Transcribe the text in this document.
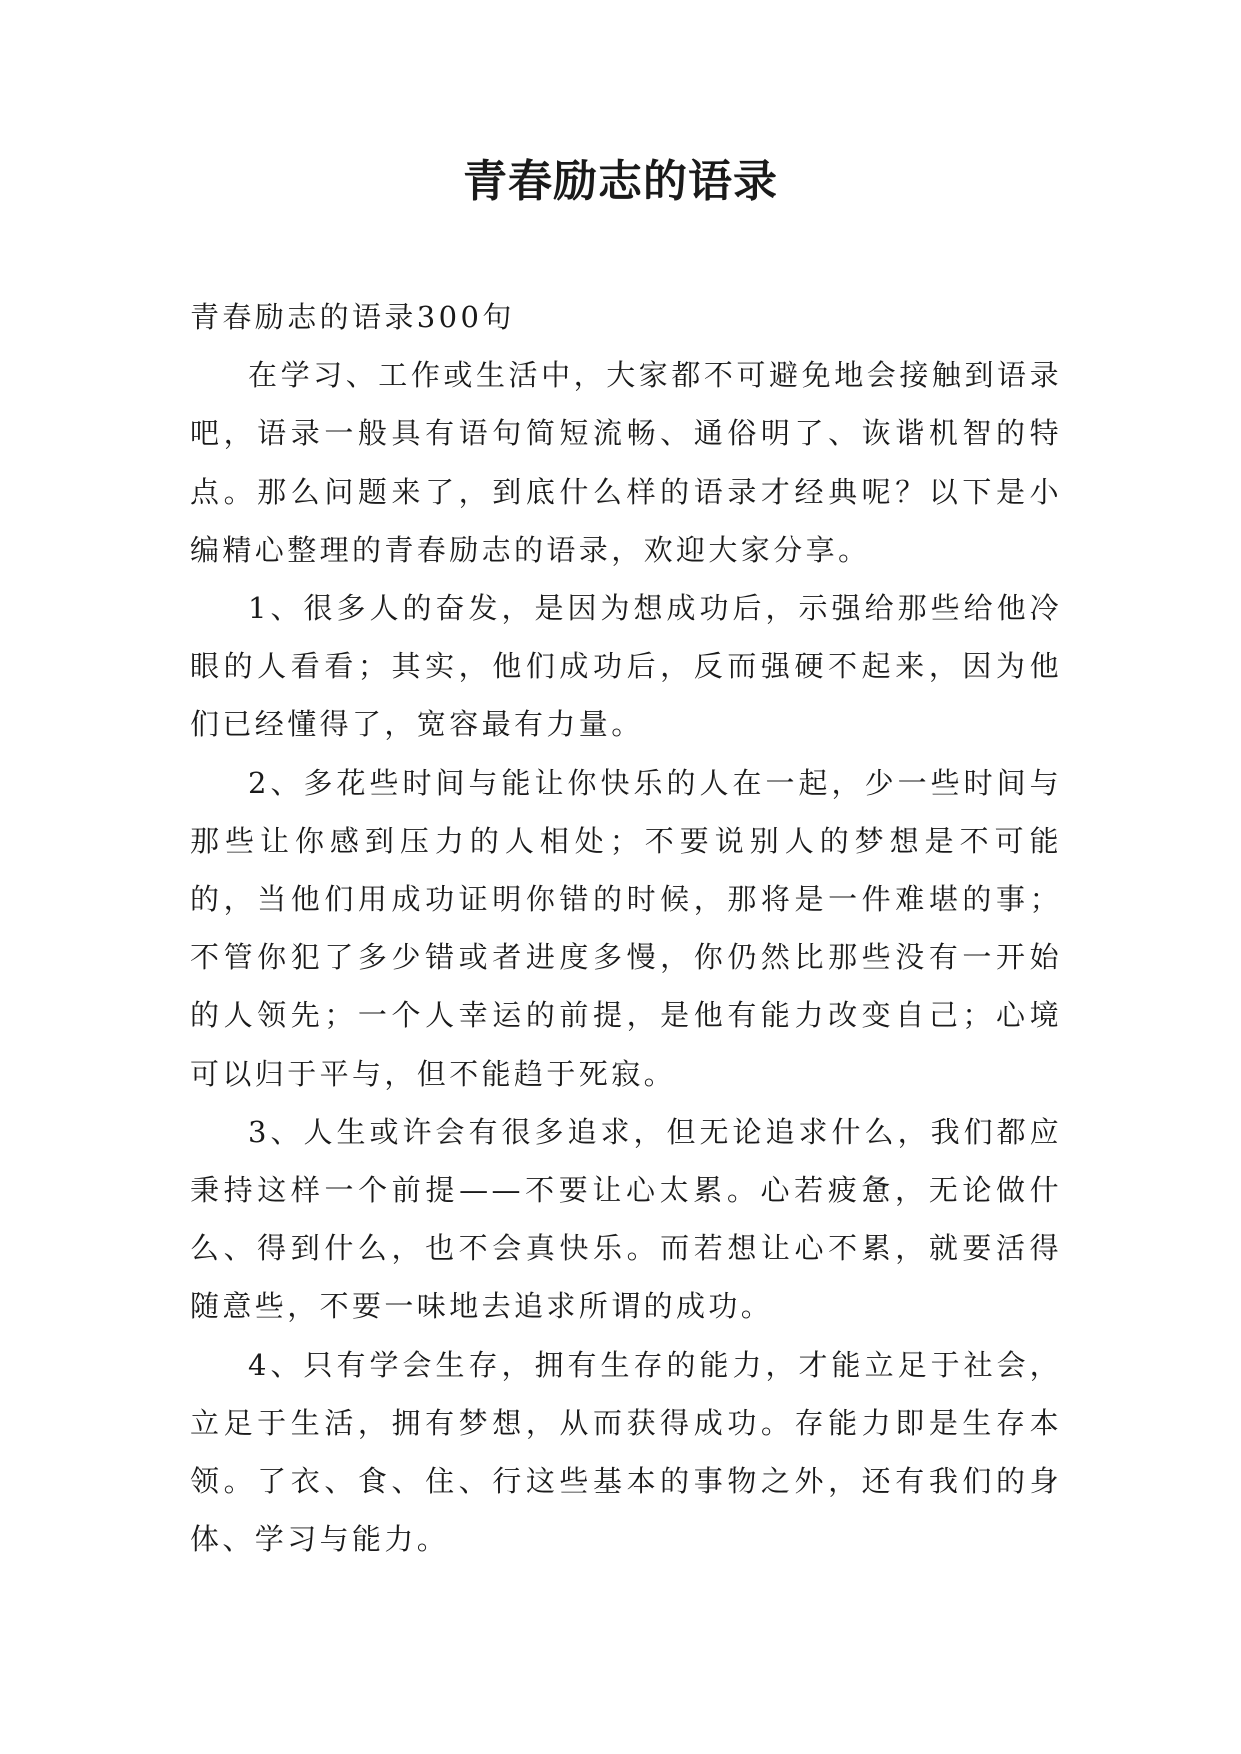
青春励志的语录

青春励志的语录300句

在学习、工作或生活中，大家都不可避免地会接触到语录吧，语录一般具有语句简短流畅、通俗明了、诙谐机智的特点。那么问题来了，到底什么样的语录才经典呢？以下是小编精心整理的青春励志的语录，欢迎大家分享。

1、很多人的奋发，是因为想成功后，示强给那些给他冷眼的人看看；其实，他们成功后，反而强硬不起来，因为他们已经懂得了，宽容最有力量。

2、多花些时间与能让你快乐的人在一起，少一些时间与那些让你感到压力的人相处；不要说别人的梦想是不可能的，当他们用成功证明你错的时候，那将是一件难堪的事；不管你犯了多少错或者进度多慢，你仍然比那些没有一开始的人领先；一个人幸运的前提，是他有能力改变自己；心境可以归于平与，但不能趋于死寂。

3、人生或许会有很多追求，但无论追求什么，我们都应秉持这样一个前提——不要让心太累。心若疲惫，无论做什么、得到什么，也不会真快乐。而若想让心不累，就要活得随意些，不要一味地去追求所谓的成功。

4、只有学会生存，拥有生存的能力，才能立足于社会，立足于生活，拥有梦想，从而获得成功。存能力即是生存本领。了衣、食、住、行这些基本的事物之外，还有我们的身体、学习与能力。
